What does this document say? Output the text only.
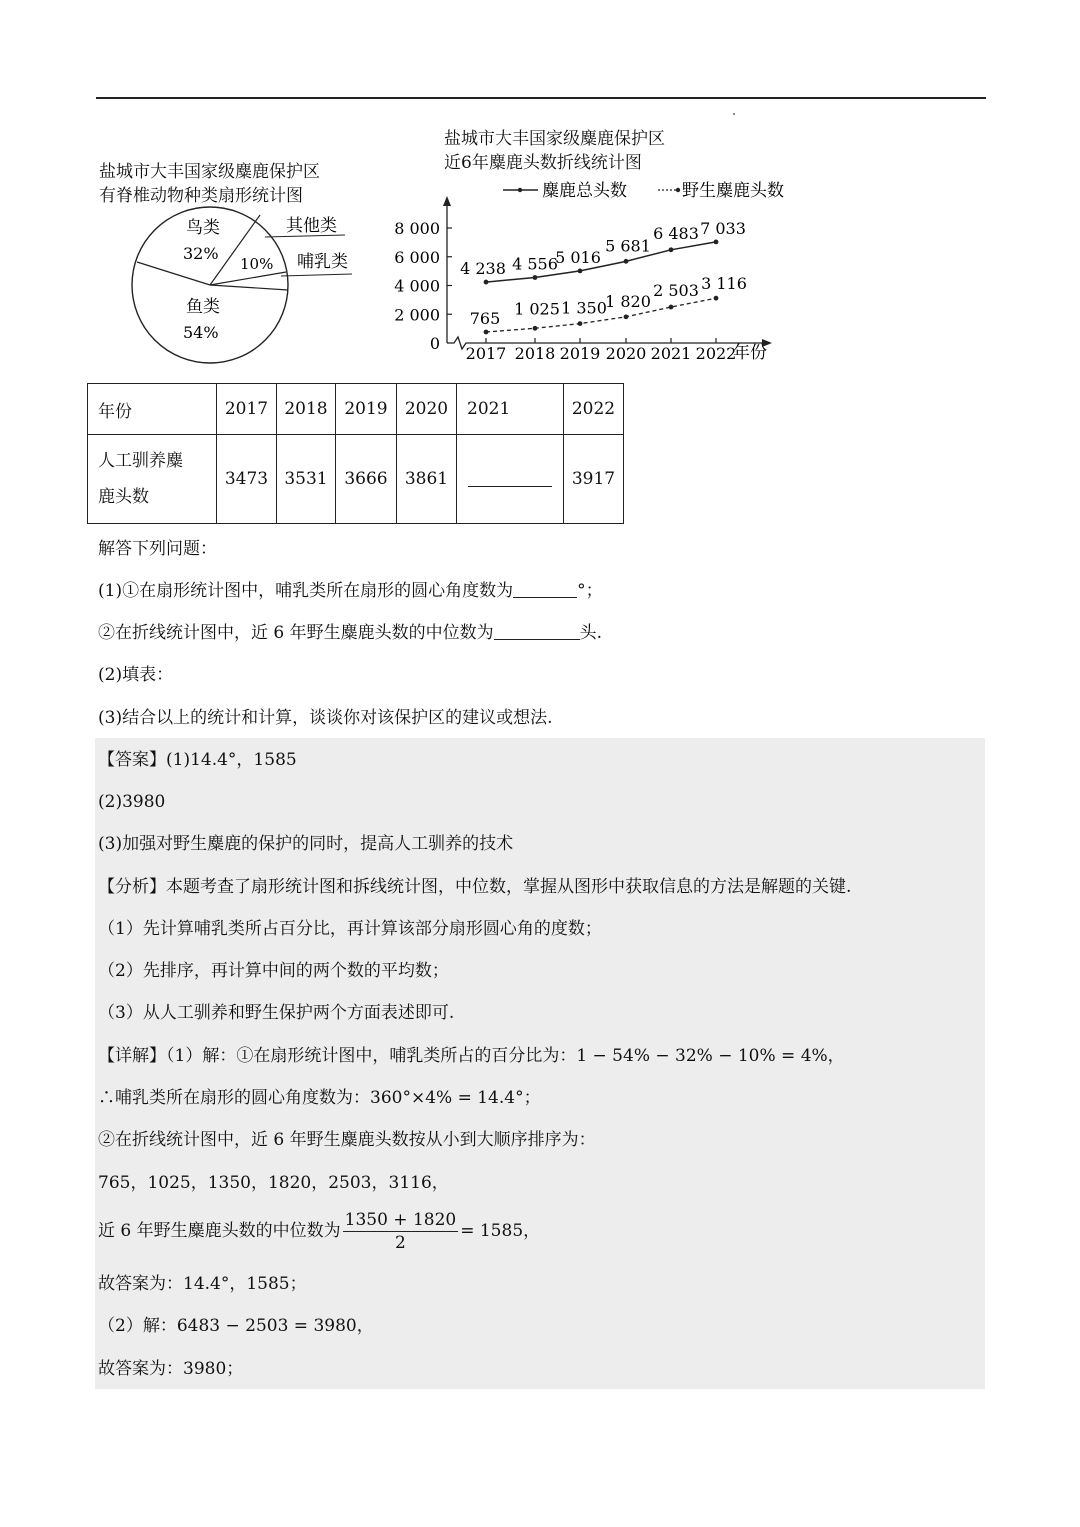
盐城市大丰国家级麋鹿保护区
有脊椎动物种类扇形统计图
鸟类
32%
鱼类
54%
10%
其他类
哺乳类
盐城市大丰国家级麋鹿保护区
近6年麋鹿头数折线统计图
麋鹿总头数	野生麋鹿头数
0
2 000
4 000
6 000
8 000
2017 2018 2019 2020 2021 2022
4 238 4 556
5 016
5 681
6 483 7 033
765
1 025 1 350
1 820
2 503 3 116
年份
年份	2017	2018	2019	2020	2021	2022
人工驯养麋
鹿头数	3473	3531	3666	3861		3917
解答下列问题：
(1)①在扇形统计图中，哺乳类所在扇形的圆心角度数为	°；
②在折线统计图中，近 6 年野生麋鹿头数的中位数为	头.
(2)填表：
(3)结合以上的统计和计算，谈谈你对该保护区的建议或想法.
【答案】(1)14.4°，1585
(2)3980
(3)加强对野生麋鹿的保护的同时，提高人工驯养的技术
【分析】本题考查了扇形统计图和拆线统计图，中位数，掌握从图形中获取信息的方法是解题的关键.
（1）先计算哺乳类所占百分比，再计算该部分扇形圆心角的度数；
（2）先排序，再计算中间的两个数的平均数；
（3）从人工驯养和野生保护两个方面表述即可.
【详解】（1）解：①在扇形统计图中，哺乳类所占的百分比为：1 − 54% − 32% − 10% = 4%，
∴哺乳类所在扇形的圆心角度数为：360°×4% = 14.4°；
②在折线统计图中，近 6 年野生麋鹿头数按从小到大顺序排序为：
765，1025，1350，1820，2503，3116，
近 6 年野生麋鹿头数的中位数为 $\frac{1350 + 1820}{2} = 1585$，
故答案为：14.4°，1585；
（2）解：6483 − 2503 = 3980，
故答案为：3980；
